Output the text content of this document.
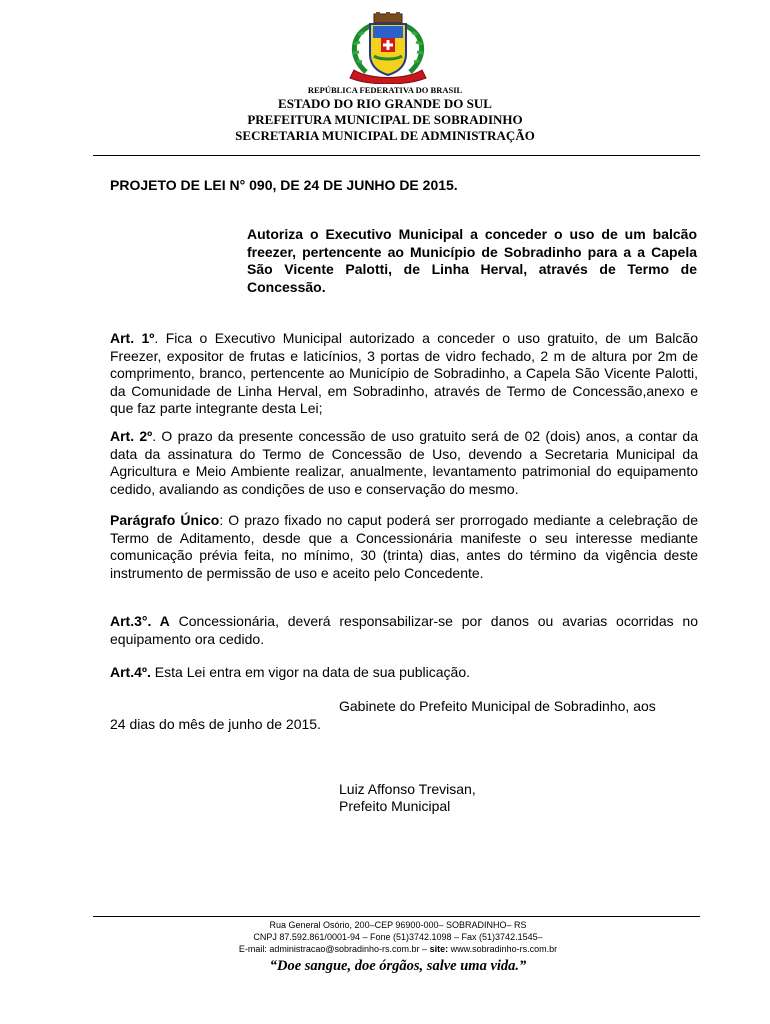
REPÚBLICA FEDERATIVA DO BRASIL
ESTADO DO RIO GRANDE DO SUL
PREFEITURA MUNICIPAL DE SOBRADINHO
SECRETARIA MUNICIPAL DE ADMINISTRAÇÃO
PROJETO DE LEI N° 090, DE 24 DE JUNHO DE 2015.
Autoriza o Executivo Municipal a conceder o uso de um balcão freezer, pertencente ao Município de Sobradinho para a a Capela São Vicente Palotti, de Linha Herval, através de Termo de Concessão.
Art. 1º. Fica o Executivo Municipal autorizado a conceder o uso gratuito, de um Balcão Freezer, expositor de frutas e laticínios, 3 portas de vidro fechado, 2 m de altura por 2m de comprimento, branco, pertencente ao Município de Sobradinho, a Capela São Vicente Palotti, da Comunidade de Linha Herval, em Sobradinho, através de Termo de Concessão,anexo e que faz parte integrante desta Lei;
Art. 2º. O prazo da presente concessão de uso gratuito será de 02 (dois) anos, a contar da data da assinatura do Termo de Concessão de Uso, devendo a Secretaria Municipal da Agricultura e Meio Ambiente realizar, anualmente, levantamento patrimonial do equipamento cedido, avaliando as condições de uso e conservação do mesmo.
Parágrafo Único: O prazo fixado no caput poderá ser prorrogado mediante a celebração de Termo de Aditamento, desde que a Concessionária manifeste o seu interesse mediante comunicação prévia feita, no mínimo, 30 (trinta) dias, antes do término da vigência deste instrumento de permissão de uso e aceito pelo Concedente.
Art.3°. A Concessionária, deverá responsabilizar-se por danos ou avarias ocorridas no equipamento ora cedido.
Art.4º. Esta Lei entra em vigor na data de sua publicação.
Gabinete do Prefeito Municipal de Sobradinho, aos
24 dias do mês de junho de 2015.
Luiz Affonso Trevisan,
Prefeito Municipal
Rua General Osório, 200–CEP 96900-000– SOBRADINHO– RS
CNPJ 87.592.861/0001-94 – Fone (51)3742.1098 – Fax (51)3742.1545–
E-mail: administracao@sobradinho-rs.com.br – site: www.sobradinho-rs.com.br
“Doe sangue, doe órgãos, salve uma vida.”
